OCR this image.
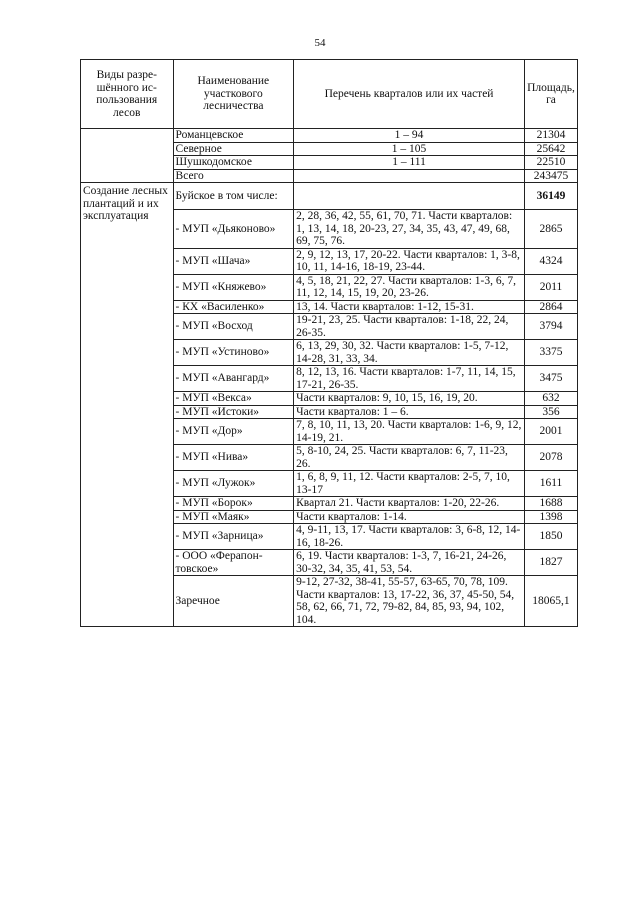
54
Виды разре-шённого ис-пользования лесов	Наименование участкового лесничества	Перечень кварталов или их частей	Площадь, га
	Романцевское	1 – 94	21304
	Северное	1 – 105	25642
	Шушкодомское	1 – 111	22510
	Всего		243475
Создание лесных плантаций и их эксплуатация	Буйское в том числе:		36149
	- МУП «Дьяконово»	2, 28, 36, 42, 55, 61, 70, 71. Части кварталов: 1, 13, 14, 18, 20-23, 27, 34, 35, 43, 47, 49, 68, 69, 75, 76.	2865
	- МУП «Шача»	2, 9, 12, 13, 17, 20-22. Части кварталов: 1, 3-8, 10, 11, 14-16, 18-19, 23-44.	4324
	- МУП «Княжево»	4, 5, 18, 21, 22, 27. Части кварталов: 1-3, 6, 7, 11, 12, 14, 15, 19, 20, 23-26.	2011
	- КХ «Василенко»	13, 14. Части кварталов: 1-12, 15-31.	2864
	- МУП «Восход	19-21, 23, 25. Части кварталов: 1-18, 22, 24, 26-35.	3794
	- МУП «Устиново»	6, 13, 29, 30, 32. Части кварталов: 1-5, 7-12, 14-28, 31, 33, 34.	3375
	- МУП «Авангард»	8, 12, 13, 16. Части кварталов: 1-7, 11, 14, 15, 17-21, 26-35.	3475
	- МУП «Векса»	Части кварталов: 9, 10, 15, 16, 19, 20.	632
	- МУП «Истоки»	Части кварталов: 1 – 6.	356
	- МУП «Дор»	7, 8, 10, 11, 13, 20. Части кварталов: 1-6, 9, 12, 14-19, 21.	2001
	- МУП «Нива»	5, 8-10, 24, 25. Части кварталов: 6, 7, 11-23, 26.	2078
	- МУП «Лужок»	1, 6, 8, 9, 11, 12. Части кварталов: 2-5, 7, 10, 13-17	1611
	- МУП «Борок»	Квартал 21. Части кварталов: 1-20, 22-26.	1688
	- МУП «Маяк»	Части кварталов: 1-14.	1398
	- МУП «Зарница»	4, 9-11, 13, 17. Части кварталов: 3, 6-8, 12, 14-16, 18-26.	1850
	- ООО «Ферапон-товское»	6, 19. Части кварталов: 1-3, 7, 16-21, 24-26, 30-32, 34, 35, 41, 53, 54.	1827
	Заречное	9-12, 27-32, 38-41, 55-57, 63-65, 70, 78, 109. Части кварталов: 13, 17-22, 36, 37, 45-50, 54, 58, 62, 66, 71, 72, 79-82, 84, 85, 93, 94, 102, 104.	18065,1
